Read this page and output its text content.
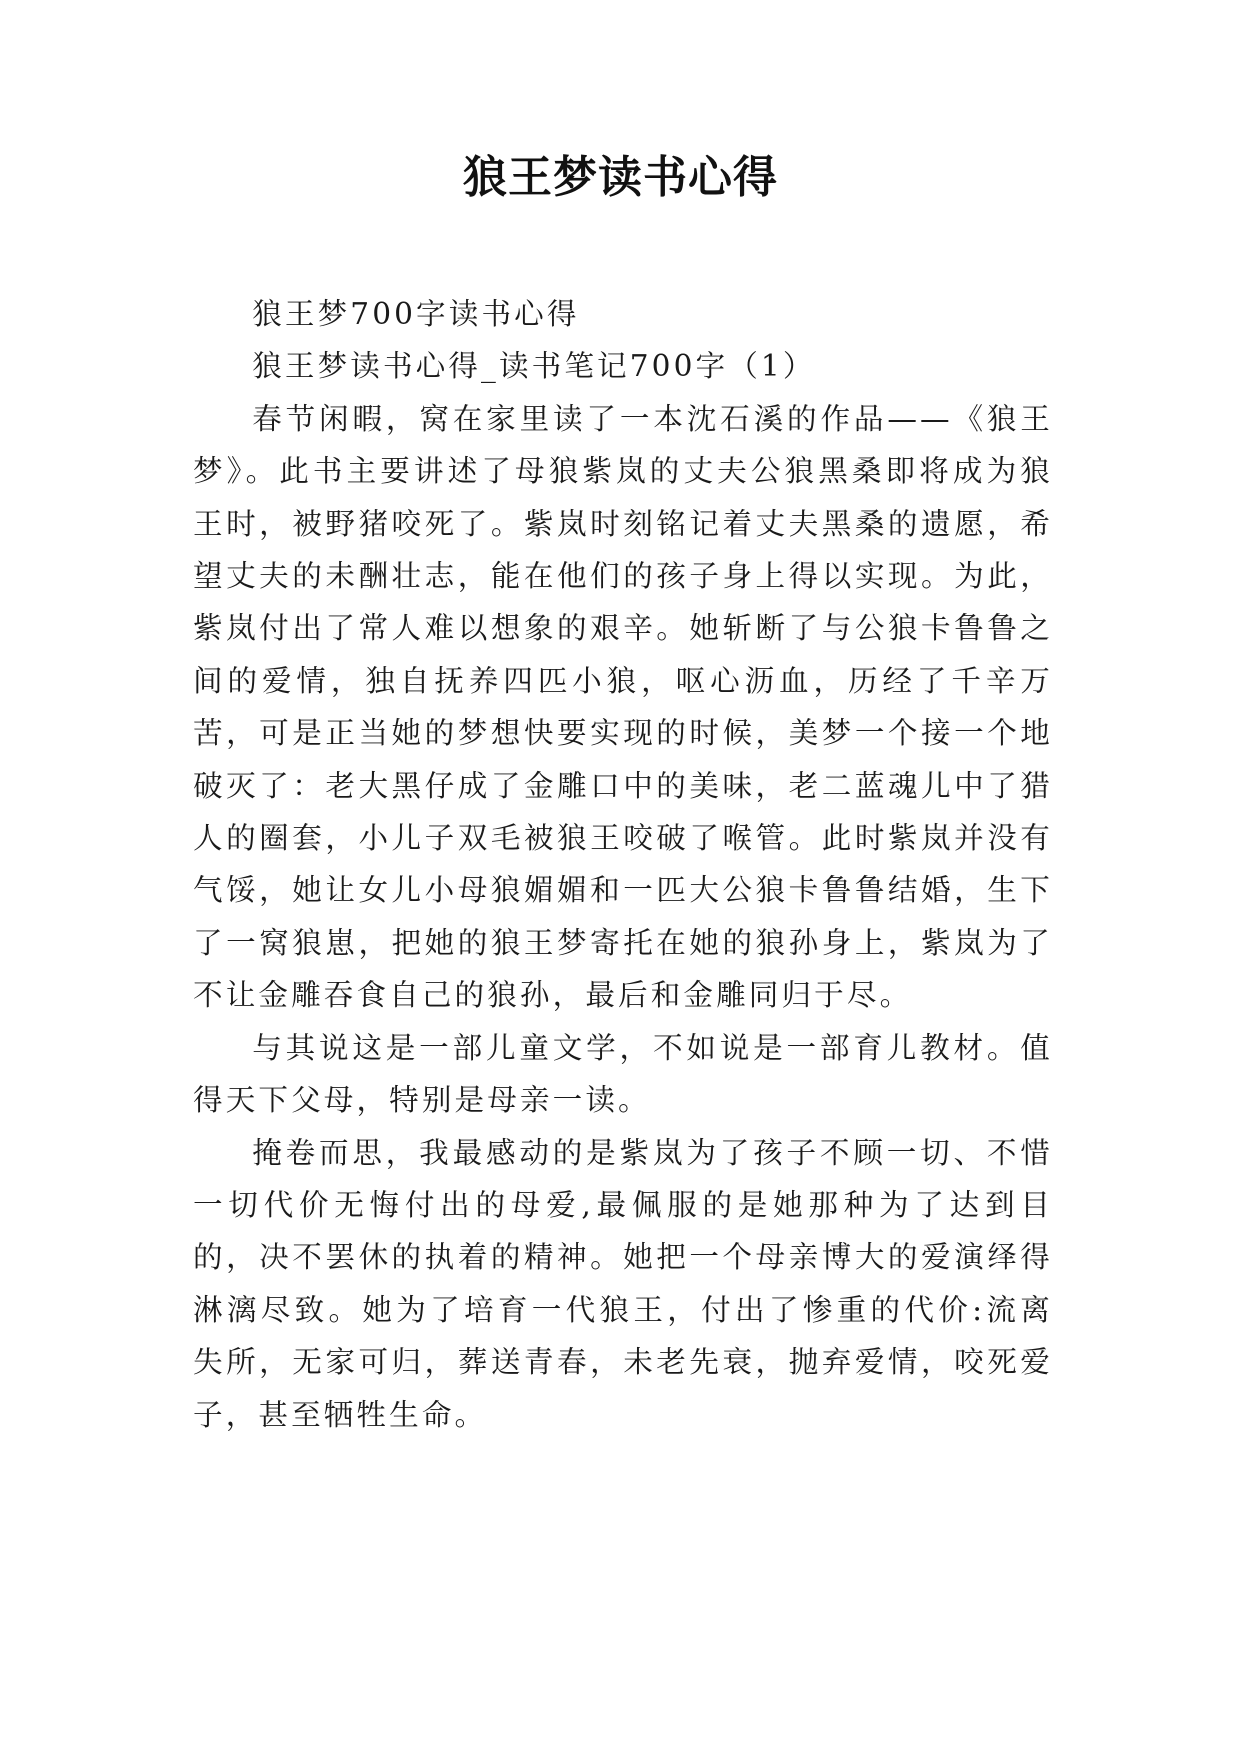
狼王梦读书心得

狼王梦700字读书心得

狼王梦读书心得_读书笔记700字（1）

春节闲暇，窝在家里读了一本沈石溪的作品——《狼王梦》。此书主要讲述了母狼紫岚的丈夫公狼黑桑即将成为狼王时，被野猪咬死了。紫岚时刻铭记着丈夫黑桑的遗愿，希望丈夫的未酬壮志，能在他们的孩子身上得以实现。为此，紫岚付出了常人难以想象的艰辛。她斩断了与公狼卡鲁鲁之间的爱情，独自抚养四匹小狼，呕心沥血，历经了千辛万苦，可是正当她的梦想快要实现的时候，美梦一个接一个地破灭了：老大黑仔成了金雕口中的美味，老二蓝魂儿中了猎人的圈套，小儿子双毛被狼王咬破了喉管。此时紫岚并没有气馁，她让女儿小母狼媚媚和一匹大公狼卡鲁鲁结婚，生下了一窝狼崽，把她的狼王梦寄托在她的狼孙身上，紫岚为了不让金雕吞食自己的狼孙，最后和金雕同归于尽。

与其说这是一部儿童文学，不如说是一部育儿教材。值得天下父母，特别是母亲一读。

掩卷而思，我最感动的是紫岚为了孩子不顾一切、不惜一切代价无悔付出的母爱,最佩服的是她那种为了达到目的，决不罢休的执着的精神。她把一个母亲博大的爱演绎得淋漓尽致。她为了培育一代狼王，付出了惨重的代价:流离失所，无家可归，葬送青春，未老先衰，抛弃爱情，咬死爱子，甚至牺牲生命。
